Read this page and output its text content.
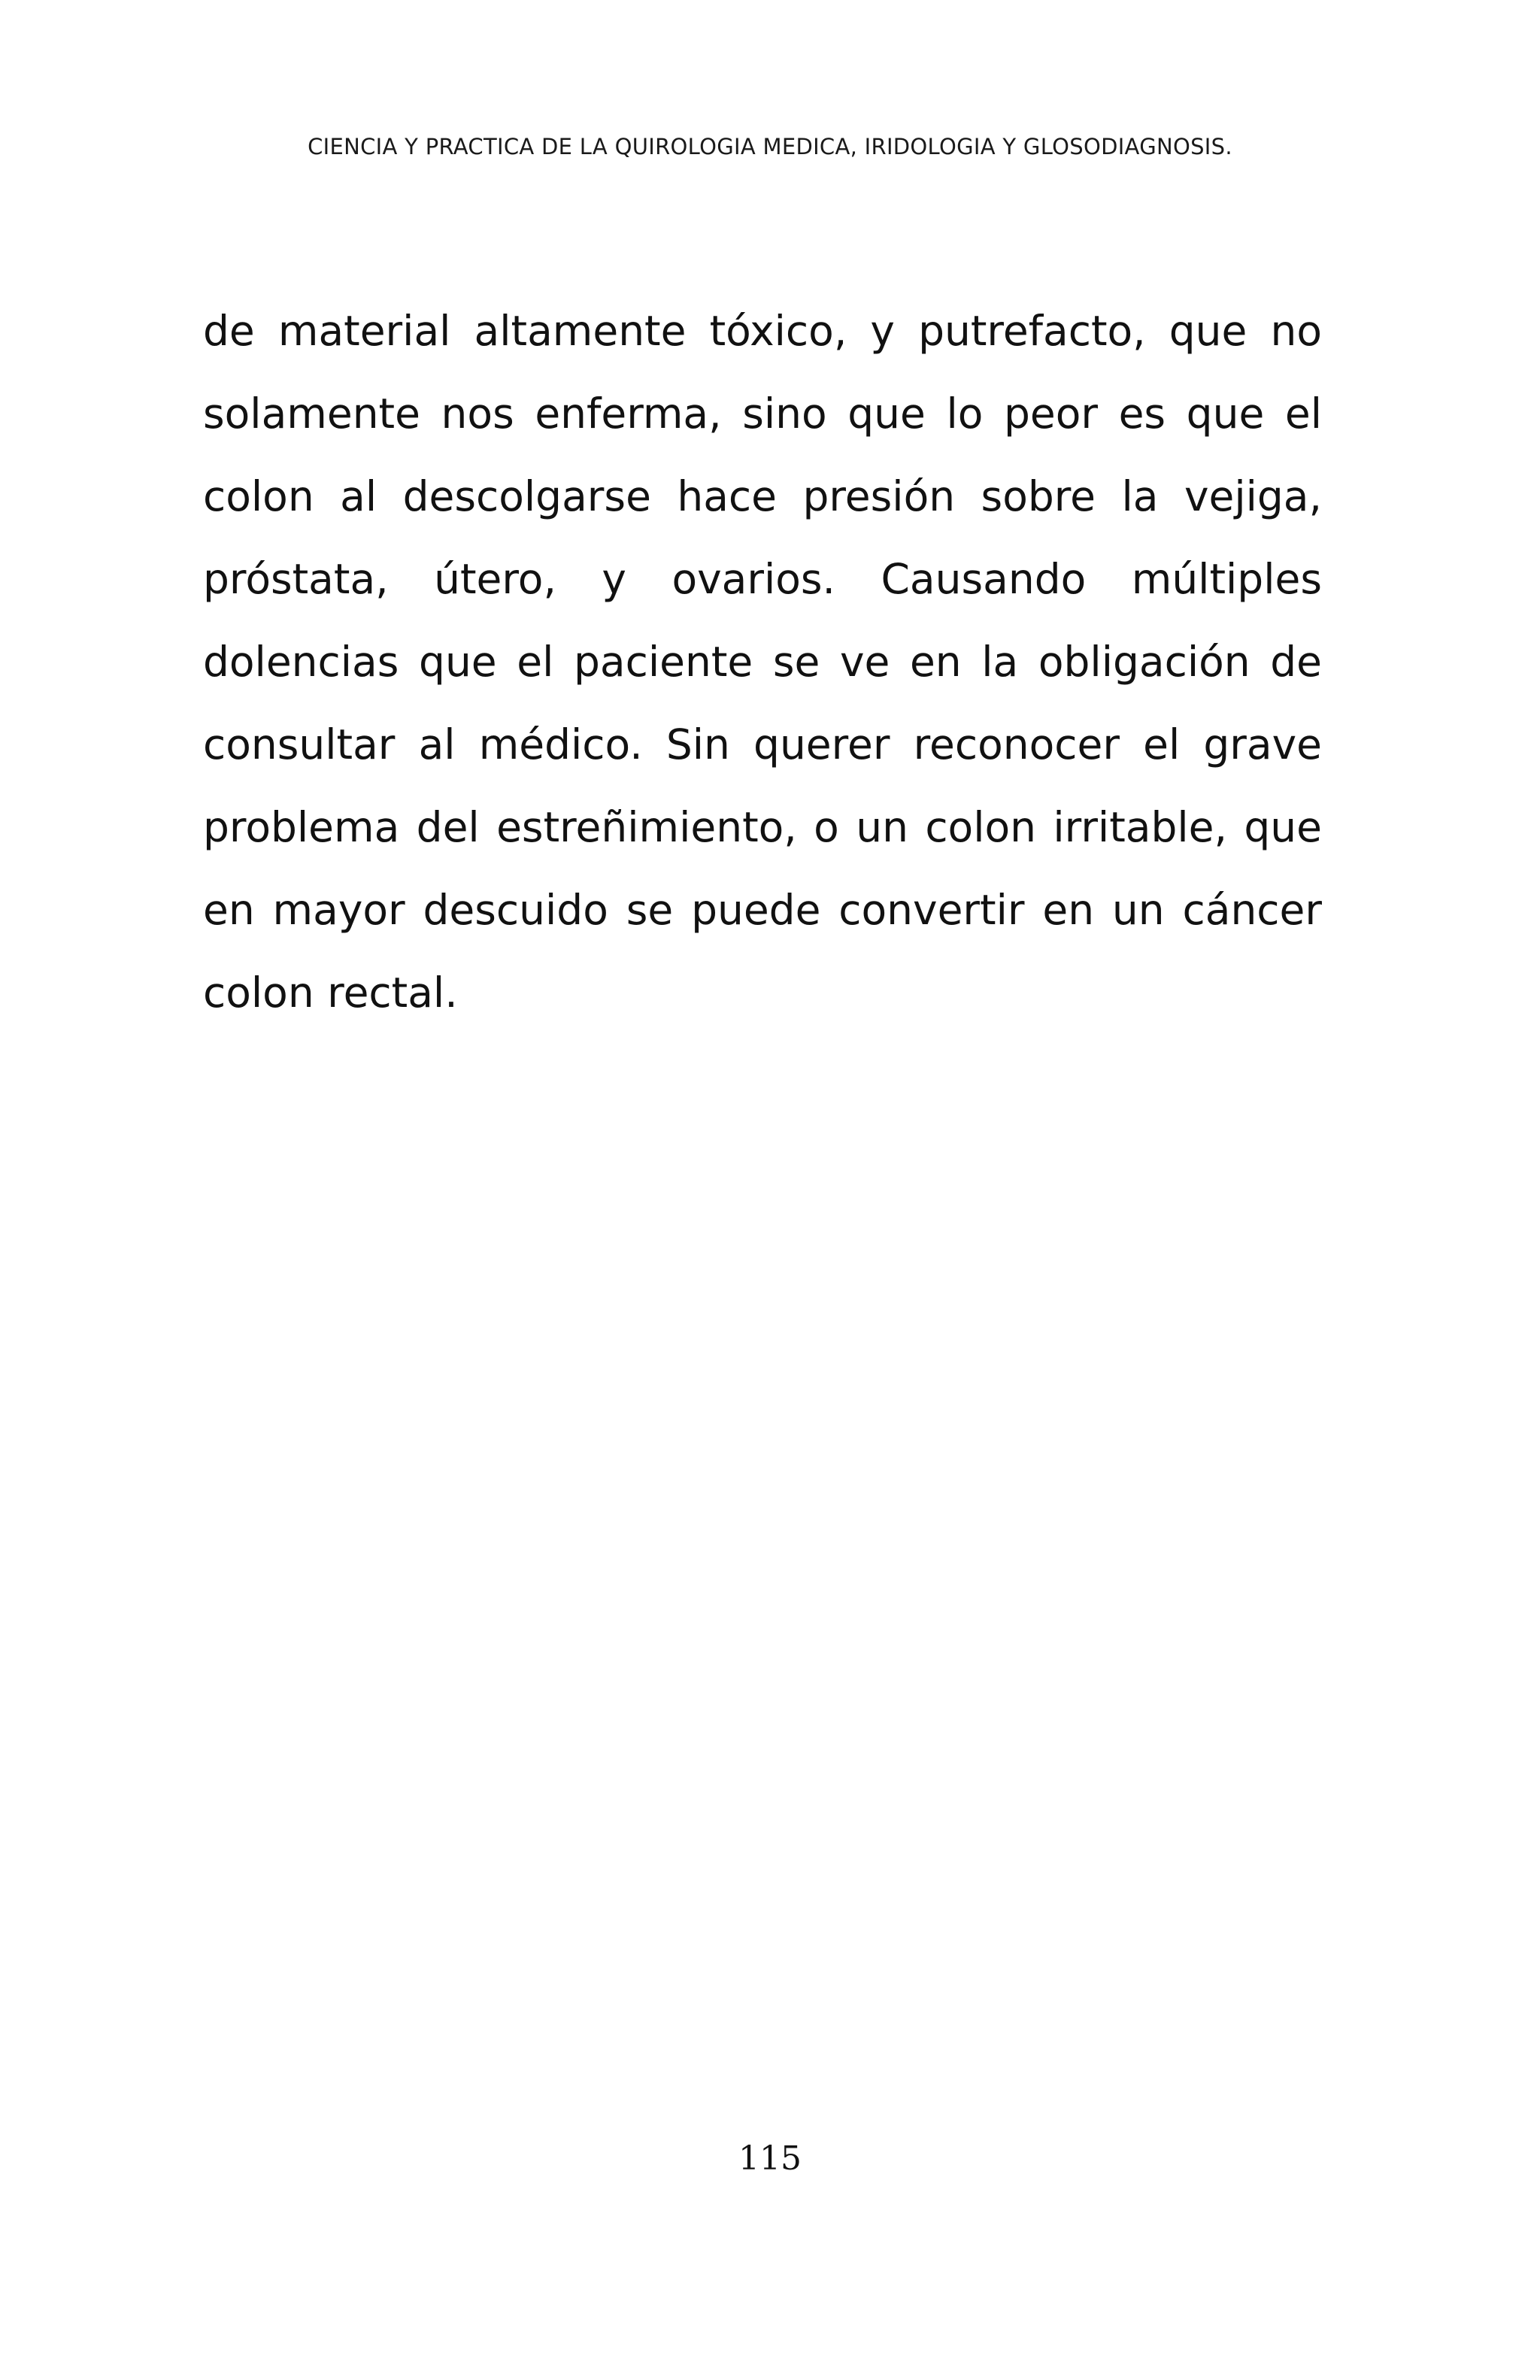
CIENCIA Y PRACTICA DE LA QUIROLOGIA MEDICA, IRIDOLOGIA Y GLOSODIAGNOSIS.
de material altamente tóxico, y putrefacto, que no
solamente nos enferma, sino que lo peor es que el
colon al descolgarse hace presión sobre la vejiga,
próstata, útero, y ovarios. Causando múltiples
dolencias que el paciente se ve en la obligación de
consultar al médico. Sin querer reconocer el grave
problema del estreñimiento, o un colon irritable, que
en mayor descuido se puede convertir en un cáncer
colon rectal.
115
